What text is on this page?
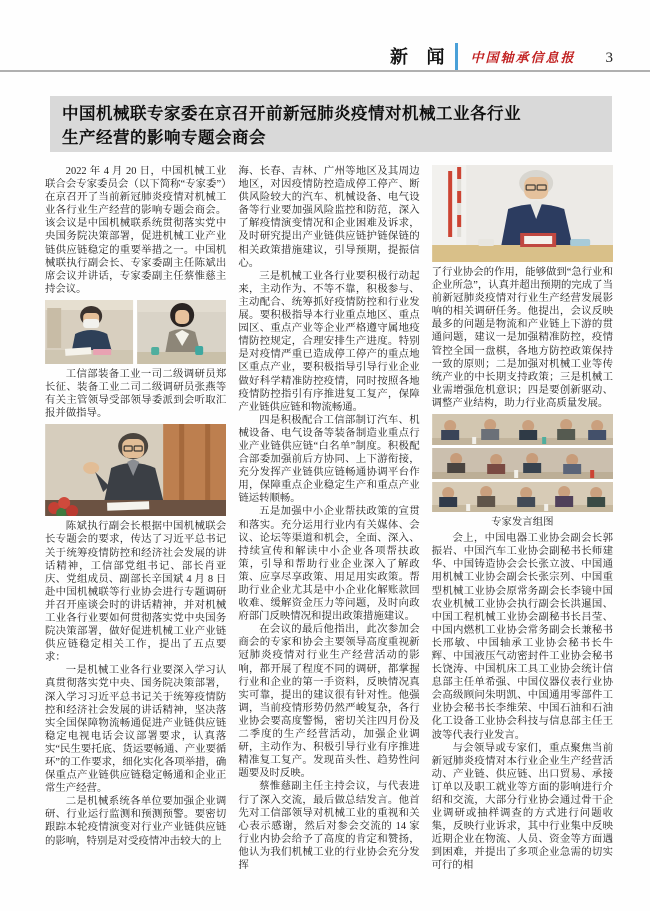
新 闻 中国轴承信息报 3
中国机械联专家委在京召开前新冠肺炎疫情对机械工业各行业
生产经营的影响专题会商会

2022 年 4 月 20 日，中国机械工业联合会专家委员会（以下简称“专家委”）在京召开了当前新冠肺炎疫情对机械工业各行业生产经营的影响专题会商会。该会议是中国机械联系统贯彻落实党中央国务院决策部署，促进机械工业产业链供应链稳定的重要举措之一。中国机械联执行副会长、专家委副主任陈斌出席会议并讲话，专家委副主任蔡惟慈主持会议。

工信部装备工业一司二级调研员郑长征、装备工业二司二级调研员张燕等有关主管领导受部领导委派到会听取汇报并做指导。

陈斌执行副会长根据中国机械联会长专题会的要求，传达了习近平总书记关于统筹疫情防控和经济社会发展的讲话精神，工信部党组书记、部长肖亚庆、党组成员、副部长辛国斌 4 月 8 日赴中国机械联等行业协会进行专题调研并召开座谈会时的讲话精神，并对机械工业各行业要如何贯彻落实党中央国务院决策部署，做好促进机械工业产业链供应链稳定相关工作，提出了五点要求：

一是机械工业各行业要深入学习认真贯彻落实党中央、国务院决策部署，深入学习习近平总书记关于统筹疫情防控和经济社会发展的讲话精神，坚决落实全国保障物流畅通促进产业链供应链稳定电视电话会议部署要求，认真落实“民生要托底、货运要畅通、产业要循环”的工作要求，细化实化各项举措，确保重点产业链供应链稳定畅通和企业正常生产经营。

二是机械系统各单位要加强企业调研、行业运行监测和预测预警。要密切跟踪本轮疫情演变对行业产业链供应链的影响，特别是对受疫情冲击较大的上

海、长春、吉林、广州等地区及其周边地区，对因疫情防控造成停工停产、断供风险较大的汽车、机械设备、电气设备等行业要加强风险监控和防范，深入了解疫情演变情况和企业困难及诉求，及时研究提出产业链供应链护链保链的相关政策措施建议，引导预期，提振信心。

三是机械工业各行业要积极行动起来，主动作为、不等不靠，积极参与、主动配合、统筹抓好疫情防控和行业发展。要积极指导本行业重点地区、重点园区、重点产业等企业严格遵守属地疫情防控规定，合理安排生产进度。特别是对疫情严重已造成停工停产的重点地区重点产业，要积极指导引导行业企业做好科学精准防控疫情，同时按照各地疫情防控指引有序推进复工复产，保障产业链供应链和物流畅通。

四是积极配合工信部制订汽车、机械设备、电气设备等装备制造业重点行业产业链供应链“白名单”制度。积极配合部委加强前后方协同、上下游衔接，充分发挥产业链供应链畅通协调平台作用，保障重点企业稳定生产和重点产业链运转顺畅。

五是加强中小企业帮扶政策的宣贯和落实。充分运用行业内有关媒体、会议、论坛等渠道和机会，全面、深入、持续宣传和解读中小企业各项帮扶政策，引导和帮助行业企业深入了解政策、应享尽享政策、用足用实政策。帮助行业企业尤其是中小企业化解账款回收难、缓解资金压力等问题，及时向政府部门反映情况和提出政策措施建议。

在会议的最后他指出，此次参加会商会的专家和协会主要领导高度重视新冠肺炎疫情对行业生产经营活动的影响，都开展了程度不同的调研，都掌握行业和企业的第一手资料，反映情况真实可靠，提出的建议很有针对性。他强调，当前疫情形势仍然严峻复杂，各行业协会要高度警惕，密切关注四月份及二季度的生产经营活动，加强企业调研，主动作为、积极引导行业有序推进精准复工复产。发现苗头性、趋势性问题要及时反映。

蔡惟慈副主任主持会议，与代表进行了深入交流，最后做总结发言。他首先对工信部领导对机械工业的重视和关心表示感谢，然后对参会交流的 14 家行业内协会给予了高度的肯定和赞扬，他认为我们机械工业的行业协会充分发挥

了行业协会的作用，能够做到“急行业和企业所急”，认真并超出预期的完成了当前新冠肺炎疫情对行业生产经营发展影响的相关调研任务。他提出，会议反映最多的问题是物流和产业链上下游的贯通问题，建议一是加强精准防控，疫情管控全国一盘棋，各地方防控政策保持一致的原则；二是加强对机械工业等传统产业的中长期支持政策；三是机械工业需增强危机意识；四是要创新驱动、调整产业结构，助力行业高质量发展。

专家发言组图

会上，中国电器工业协会副会长郭振岩、中国汽车工业协会副秘书长师建华、中国铸造协会会长张立波、中国通用机械工业协会副会长张宗列、中国重型机械工业协会原常务副会长李镜中国农业机械工业协会执行副会长洪暹国、中国工程机械工业协会副秘书长吕莹、中国内燃机工业协会常务副会长兼秘书长邢敏、中国轴承工业协会秘书长牛辉、中国液压气动密封件工业协会秘书长饶涛、中国机床工具工业协会统计信息部主任单希强、中国仪器仪表行业协会高级顾问朱明凯、中国通用零部件工业协会秘书长李维荣、中国石油和石油化工设备工业协会科技与信息部主任王波等代表行业发言。

与会领导或专家们，重点聚焦当前新冠肺炎疫情对本行业企业生产经营活动、产业链、供应链、出口贸易、承接订单以及职工就业等方面的影响进行介绍和交流，大部分行业协会通过骨干企业调研或抽样调查的方式进行问题收集，反映行业诉求，其中行业集中反映近期企业在物流、人员、资金等方面遇到困难，并提出了多项企业急需的切实可行的相
